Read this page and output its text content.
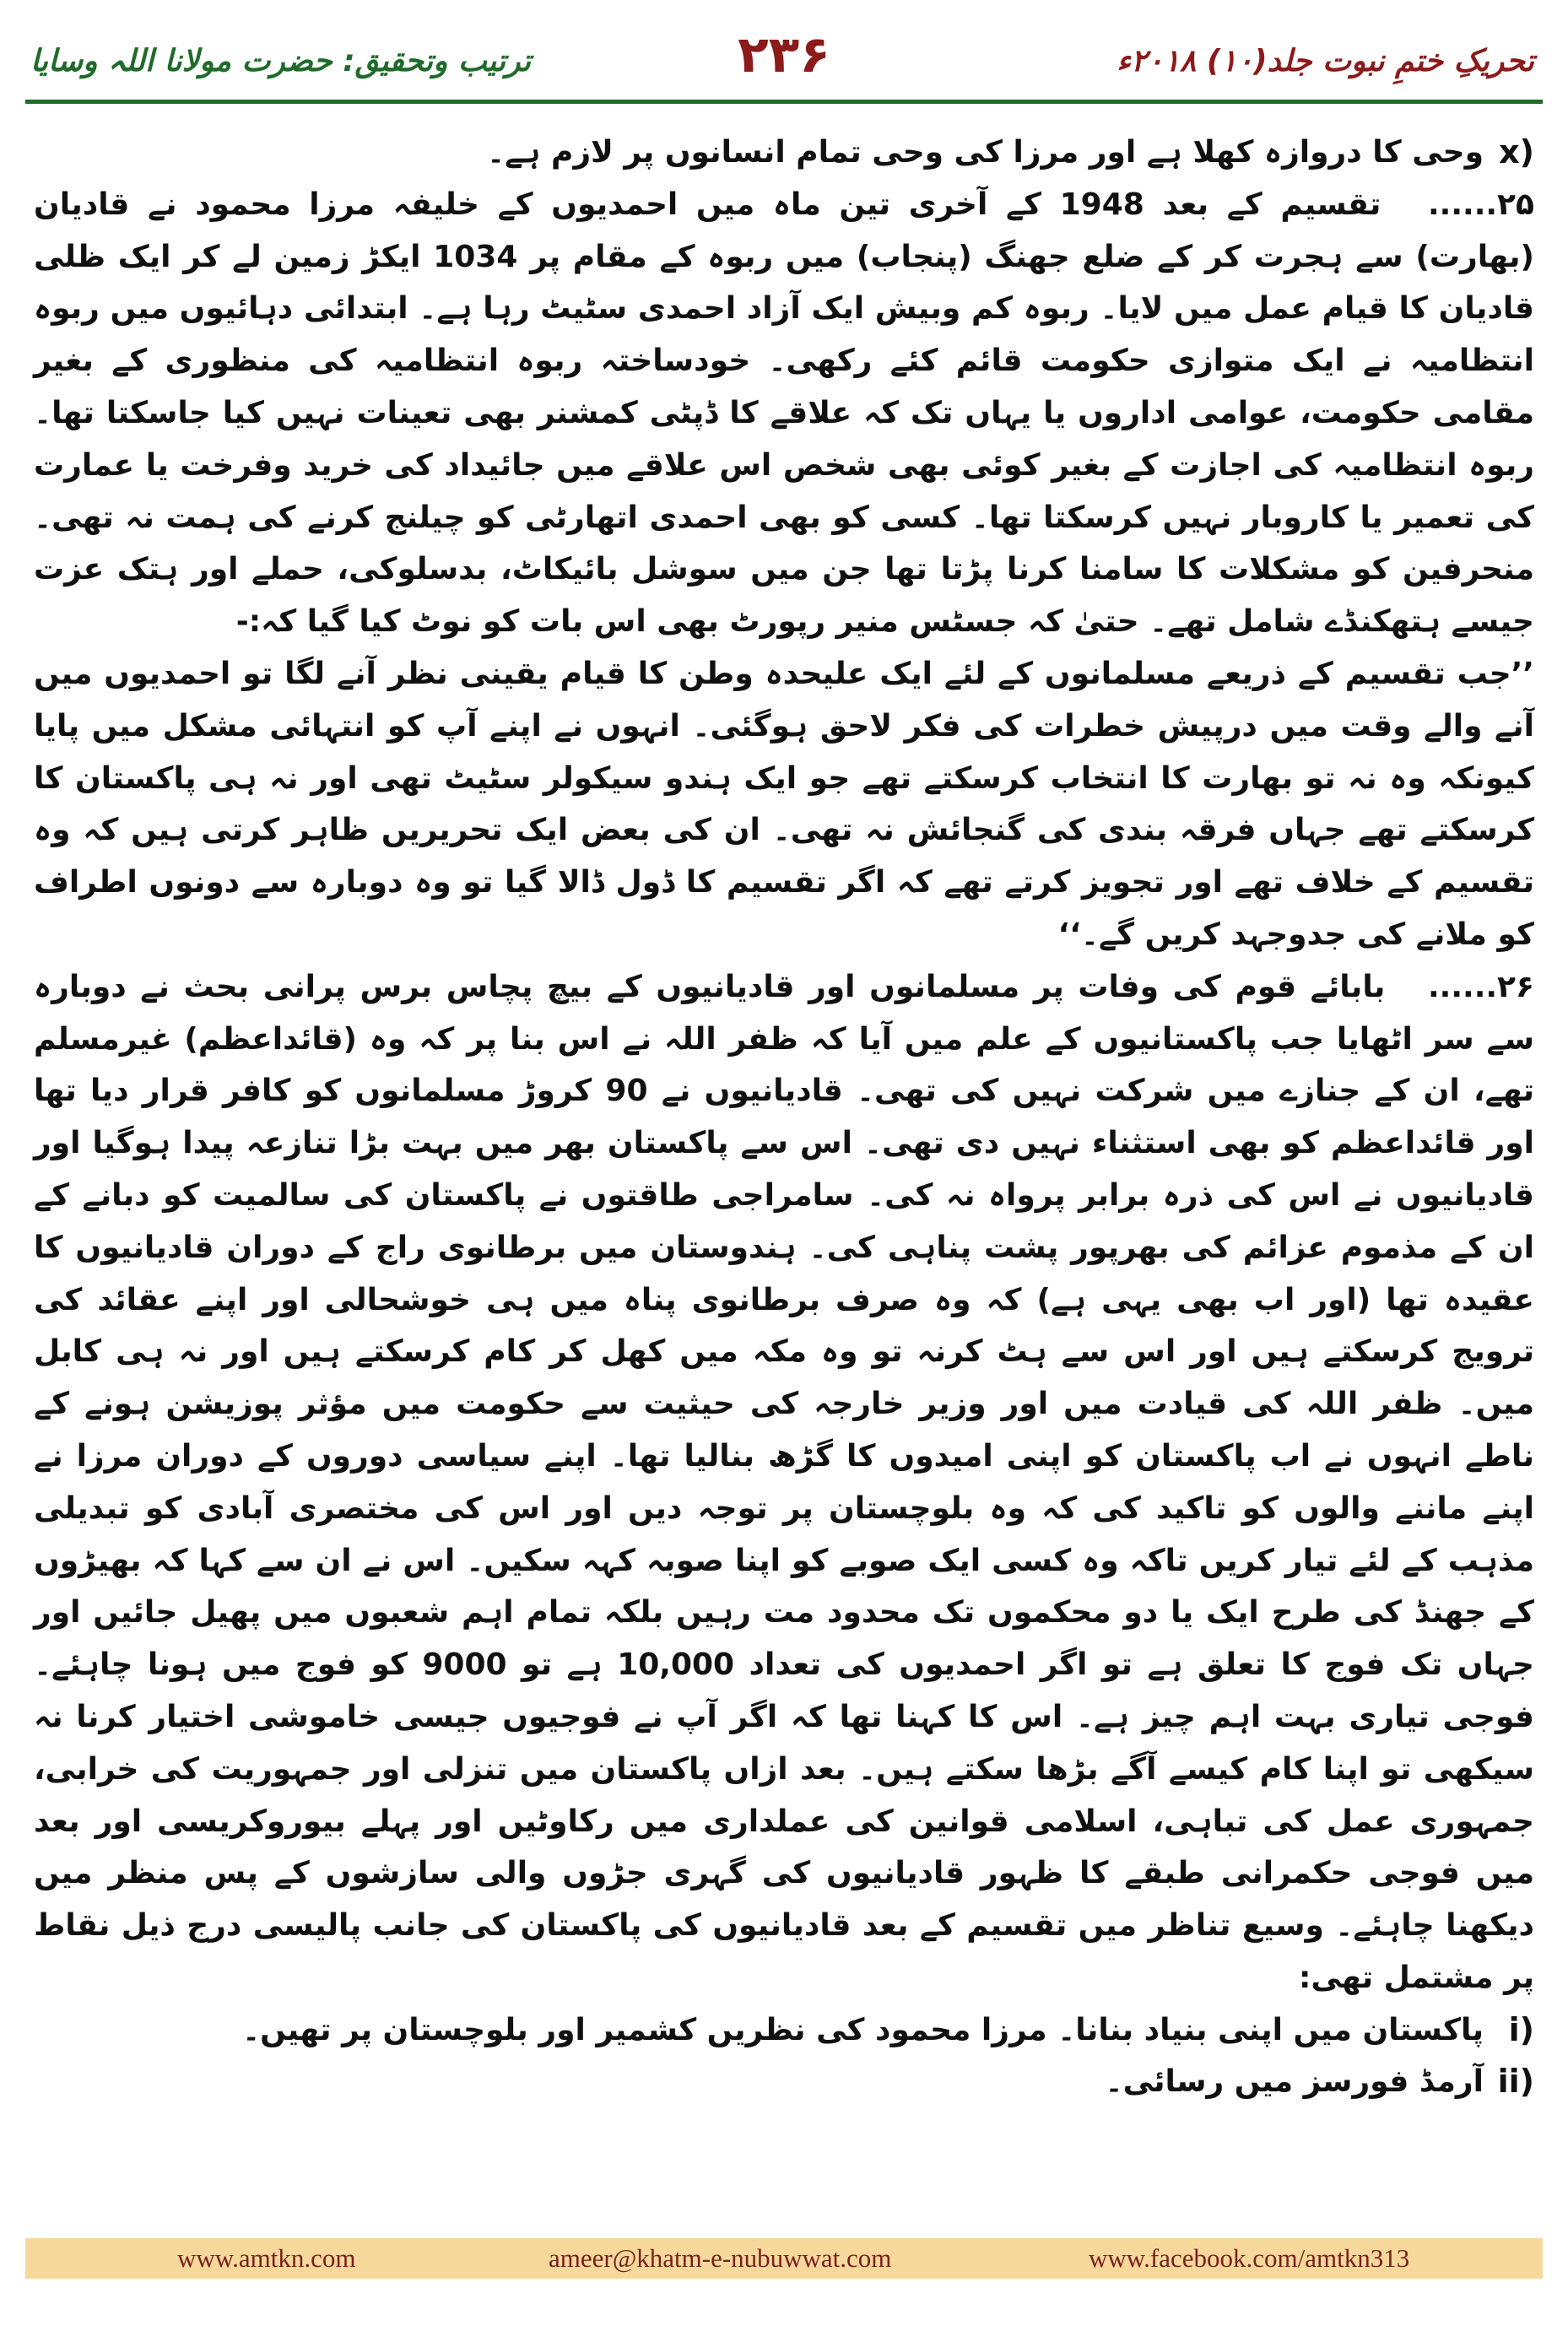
ترتیب وتحقیق: حضرت مولانا اللہ وسایا	۲۳۶	تحریکِ ختمِ نبوت جلد(۱۰) ۲۰۱۸ء

x)
وحی کا دروازہ کھلا ہے اور مرزا کی وحی تمام انسانوں پر لازم ہے۔

۲۵...... تقسیم کے بعد 1948 کے آخری تین ماہ میں احمدیوں کے خلیفہ مرزا محمود نے قادیان (بھارت) سے ہجرت کر کے ضلع جھنگ (پنجاب) میں ربوہ کے مقام پر 1034 ایکڑ زمین لے کر ایک ظلی قادیان کا قیام عمل میں لایا۔ ربوہ کم وبیش ایک آزاد احمدی سٹیٹ رہا ہے۔ ابتدائی دہائیوں میں ربوہ انتظامیہ نے ایک متوازی حکومت قائم کئے رکھی۔ خودساختہ ربوہ انتظامیہ کی منظوری کے بغیر مقامی حکومت، عوامی اداروں یا یہاں تک کہ علاقے کا ڈپٹی کمشنر بھی تعینات نہیں کیا جاسکتا تھا۔ ربوہ انتظامیہ کی اجازت کے بغیر کوئی بھی شخص اس علاقے میں جائیداد کی خرید وفرخت یا عمارت کی تعمیر یا کاروبار نہیں کرسکتا تھا۔ کسی کو بھی احمدی اتھارٹی کو چیلنج کرنے کی ہمت نہ تھی۔ منحرفین کو مشکلات کا سامنا کرنا پڑتا تھا جن میں سوشل بائیکاٹ، بدسلوکی، حملے اور ہتک عزت جیسے ہتھکنڈے شامل تھے۔ حتیٰ کہ جسٹس منیر رپورٹ بھی اس بات کو نوٹ کیا گیا کہ:-

’’جب تقسیم کے ذریعے مسلمانوں کے لئے ایک علیحدہ وطن کا قیام یقینی نظر آنے لگا تو احمدیوں میں آنے والے وقت میں درپیش خطرات کی فکر لاحق ہوگئی۔ انہوں نے اپنے آپ کو انتہائی مشکل میں پایا کیونکہ وہ نہ تو بھارت کا انتخاب کرسکتے تھے جو ایک ہندو سیکولر سٹیٹ تھی اور نہ ہی پاکستان کا کرسکتے تھے جہاں فرقہ بندی کی گنجائش نہ تھی۔ ان کی بعض ایک تحریریں ظاہر کرتی ہیں کہ وہ تقسیم کے خلاف تھے اور تجویز کرتے تھے کہ اگر تقسیم کا ڈول ڈالا گیا تو وہ دوبارہ سے دونوں اطراف کو ملانے کی جدوجہد کریں گے۔‘‘

۲۶...... بابائے قوم کی وفات پر مسلمانوں اور قادیانیوں کے بیچ پچاس برس پرانی بحث نے دوبارہ سے سر اٹھایا جب پاکستانیوں کے علم میں آیا کہ ظفر اللہ نے اس بنا پر کہ وہ (قائداعظم) غیرمسلم تھے، ان کے جنازے میں شرکت نہیں کی تھی۔ قادیانیوں نے 90 کروڑ مسلمانوں کو کافر قرار دیا تھا اور قائداعظم کو بھی استثناء نہیں دی تھی۔ اس سے پاکستان بھر میں بہت بڑا تنازعہ پیدا ہوگیا اور قادیانیوں نے اس کی ذرہ برابر پرواہ نہ کی۔ سامراجی طاقتوں نے پاکستان کی سالمیت کو دبانے کے ان کے مذموم عزائم کی بھرپور پشت پناہی کی۔ ہندوستان میں برطانوی راج کے دوران قادیانیوں کا عقیدہ تھا (اور اب بھی یہی ہے) کہ وہ صرف برطانوی پناہ میں ہی خوشحالی اور اپنے عقائد کی ترویج کرسکتے ہیں اور اس سے ہٹ کرنہ تو وہ مکہ میں کھل کر کام کرسکتے ہیں اور نہ ہی کابل میں۔ ظفر اللہ کی قیادت میں اور وزیر خارجہ کی حیثیت سے حکومت میں مؤثر پوزیشن ہونے کے ناطے انہوں نے اب پاکستان کو اپنی امیدوں کا گڑھ بنالیا تھا۔ اپنے سیاسی دوروں کے دوران مرزا نے اپنے ماننے والوں کو تاکید کی کہ وہ بلوچستان پر توجہ دیں اور اس کی مختصری آبادی کو تبدیلی مذہب کے لئے تیار کریں تاکہ وہ کسی ایک صوبے کو اپنا صوبہ کہہ سکیں۔ اس نے ان سے کہا کہ بھیڑوں کے جھنڈ کی طرح ایک یا دو محکموں تک محدود مت رہیں بلکہ تمام اہم شعبوں میں پھیل جائیں اور جہاں تک فوج کا تعلق ہے تو اگر احمدیوں کی تعداد 10,000 ہے تو 9000 کو فوج میں ہونا چاہئے۔ فوجی تیاری بہت اہم چیز ہے۔ اس کا کہنا تھا کہ اگر آپ نے فوجیوں جیسی خاموشی اختیار کرنا نہ سیکھی تو اپنا کام کیسے آگے بڑھا سکتے ہیں۔ بعد ازاں پاکستان میں تنزلی اور جمہوریت کی خرابی، جمہوری عمل کی تباہی، اسلامی قوانین کی عملداری میں رکاوٹیں اور پہلے بیوروکریسی اور بعد میں فوجی حکمرانی طبقے کا ظہور قادیانیوں کی گہری جڑوں والی سازشوں کے پس منظر میں دیکھنا چاہئے۔ وسیع تناظر میں تقسیم کے بعد قادیانیوں کی پاکستان کی جانب پالیسی درج ذیل نقاط پر مشتمل تھی:

i)
پاکستان میں اپنی بنیاد بنانا۔ مرزا محمود کی نظریں کشمیر اور بلوچستان پر تھیں۔

ii)
آرمڈ فورسز میں رسائی۔

www.amtkn.com	ameer@khatm-e-nubuwwat.com	www.facebook.com/amtkn313
